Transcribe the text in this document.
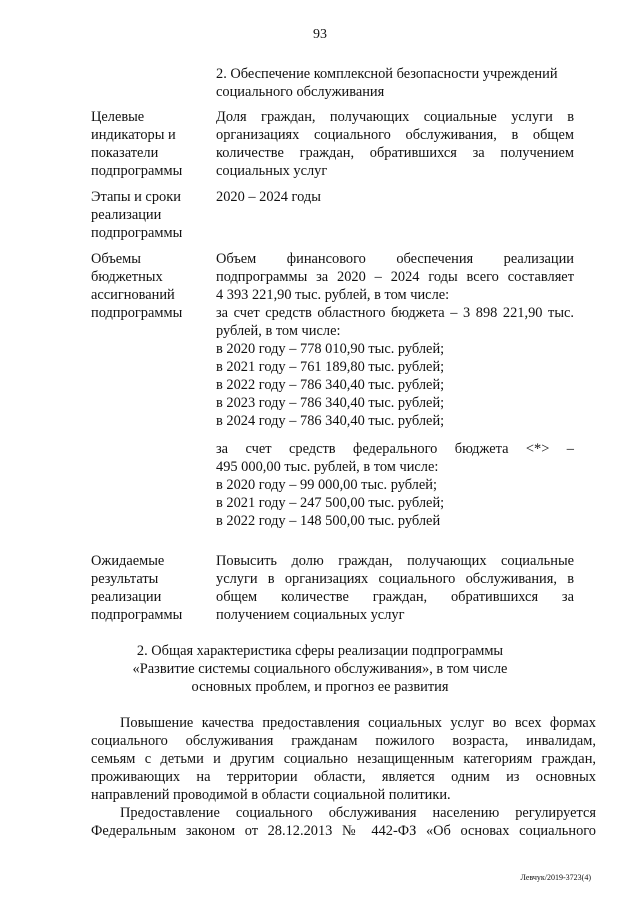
93
2. Обеспечение комплексной безопасности учреждений
социального обслуживания
Целевые
индикаторы и
показатели
подпрограммы
Доля граждан, получающих социальные услуги в
организациях социального обслуживания, в общем
количестве граждан, обратившихся за получением
социальных услуг
Этапы и сроки
реализации
подпрограммы
2020 – 2024 годы
Объемы
бюджетных
ассигнований
подпрограммы
Объем финансового обеспечения реализации
подпрограммы за 2020 – 2024 годы всего составляет
4 393 221,90 тыс. рублей, в том числе:
за счет средств областного бюджета – 3 898 221,90 тыс.
рублей, в том числе:
в 2020 году – 778 010,90 тыс. рублей;
в 2021 году – 761 189,80 тыс. рублей;
в 2022 году – 786 340,40 тыс. рублей;
в 2023 году – 786 340,40 тыс. рублей;
в 2024 году – 786 340,40 тыс. рублей;
за счет средств федерального бюджета <*> –
495 000,00 тыс. рублей, в том числе:
в 2020 году – 99 000,00 тыс. рублей;
в 2021 году – 247 500,00 тыс. рублей;
в 2022 году – 148 500,00 тыс. рублей
Ожидаемые
результаты
реализации
подпрограммы
Повысить долю граждан, получающих социальные
услуги в организациях социального обслуживания, в
общем количестве граждан, обратившихся за
получением социальных услуг
2. Общая характеристика сферы реализации подпрограммы
«Развитие системы социального обслуживания», в том числе
основных проблем, и прогноз ее развития
Повышение качества предоставления социальных услуг во всех формах
социального обслуживания гражданам пожилого возраста, инвалидам,
семьям с детьми и другим социально незащищенным категориям граждан,
проживающих на территории области, является одним из основных
направлений проводимой в области социальной политики.
Предоставление социального обслуживания населению регулируется
Федеральным законом от 28.12.2013 № 442-ФЗ «Об основах социального
Левчук/2019-3723(4)
